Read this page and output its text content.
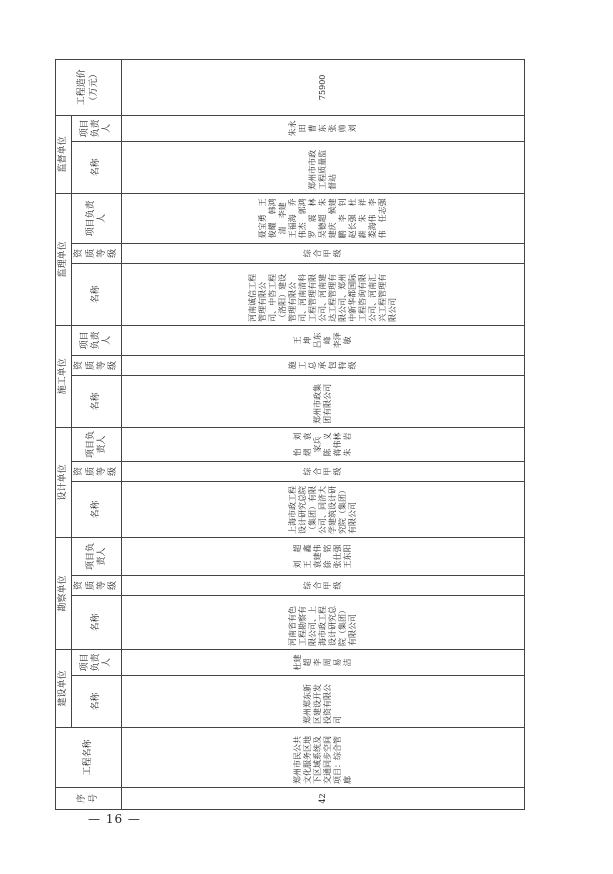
序号	工程名称	建设单位		勘察单位			设计单位			施工单位			监理单位			监督单位		工程造价（万元）
		名称	项目负责人	名称	资质等级	项目负责人	名称	资质等级	项目负责人	名称	资质等级	项目负责人	名称	资质等级	项目负责人	名称	项目负责人	
42	郑州市民公共文化服务区地下区域系统及交通同步空间项目：综合管廊	郑州郑东新区建设开发投资有限公司	杜建超　李　周　易　洁	河南省有色工程勘察有限公司、上海市政工程设计研究总院（集团）有限公司	综合甲级	刘　超　王　鑫　袁建伟　徐　铭　张仕强　王东阳	上海市政工程设计研究总院（集团）有限公司、同济大学建筑设计研究院（集团）有限公司	综合甲级	怡　刘　熠　袁家兵　陈　义　蒋伟林　朱　岩	郑州市政集团有限公司	施工总承包特级	王　坤　吕东峰　李泽敏	河南诚信工程管理有限公司、中咨工程（洛阳）建设管理有限公司、河南清科工程管理有限公司、河南建达工程管理有限公司、郑州中新华都国际工程咨询有限公司、河南汇兴工程管理有限公司	综合甲级	聂宝勇　王俊耀　韩鸿清　李建　王福海　乔伟杰　郭鸿　罗　震　林　吴德超　朱建庆　候建鹏　李　钊　赵长强　杜　薪　朱　祥　娄海伟　李伟　任志强	郑州市市政工程质量监督站	朱永田　曹　东　张　帅　刘	75900
— 16 —
